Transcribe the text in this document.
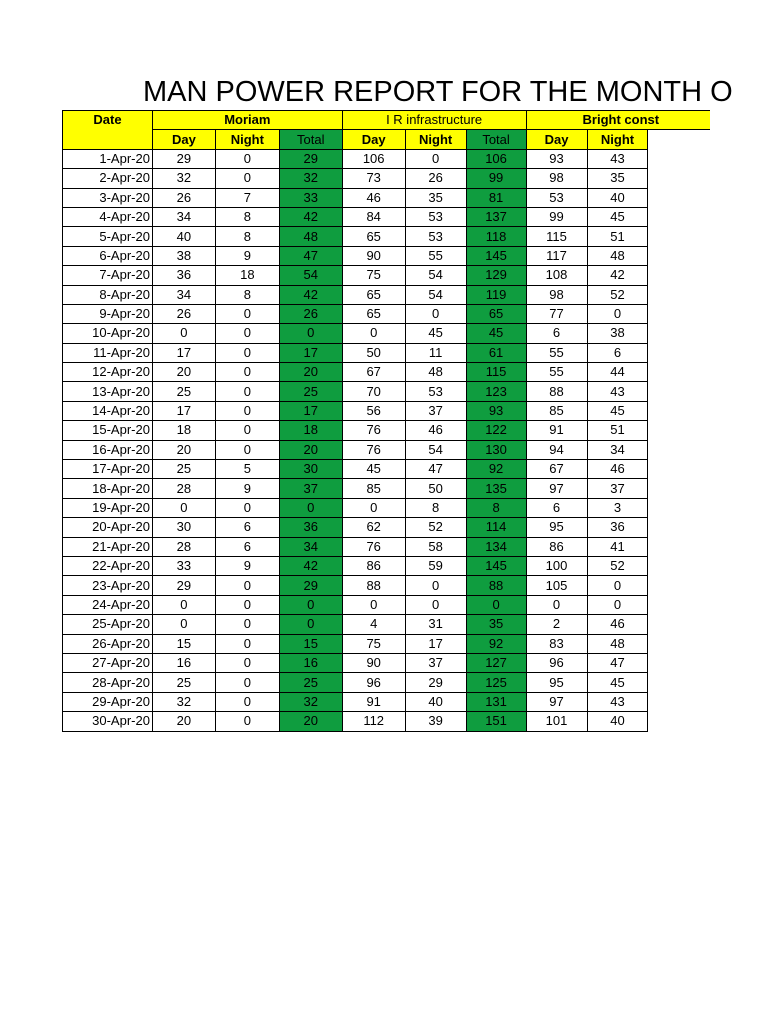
MAN POWER REPORT FOR THE MONTH O
Date	Moriam			I R infrastructure			Bright const		
	Day	Night	Total	Day	Night	Total	Day	Night	
1-Apr-20	29	0	29	106	0	106	93	43	
2-Apr-20	32	0	32	73	26	99	98	35	
3-Apr-20	26	7	33	46	35	81	53	40	
4-Apr-20	34	8	42	84	53	137	99	45	
5-Apr-20	40	8	48	65	53	118	115	51	
6-Apr-20	38	9	47	90	55	145	117	48	
7-Apr-20	36	18	54	75	54	129	108	42	
8-Apr-20	34	8	42	65	54	119	98	52	
9-Apr-20	26	0	26	65	0	65	77	0	
10-Apr-20	0	0	0	0	45	45	6	38	
11-Apr-20	17	0	17	50	11	61	55	6	
12-Apr-20	20	0	20	67	48	115	55	44	
13-Apr-20	25	0	25	70	53	123	88	43	
14-Apr-20	17	0	17	56	37	93	85	45	
15-Apr-20	18	0	18	76	46	122	91	51	
16-Apr-20	20	0	20	76	54	130	94	34	
17-Apr-20	25	5	30	45	47	92	67	46	
18-Apr-20	28	9	37	85	50	135	97	37	
19-Apr-20	0	0	0	0	8	8	6	3	
20-Apr-20	30	6	36	62	52	114	95	36	
21-Apr-20	28	6	34	76	58	134	86	41	
22-Apr-20	33	9	42	86	59	145	100	52	
23-Apr-20	29	0	29	88	0	88	105	0	
24-Apr-20	0	0	0	0	0	0	0	0	
25-Apr-20	0	0	0	4	31	35	2	46	
26-Apr-20	15	0	15	75	17	92	83	48	
27-Apr-20	16	0	16	90	37	127	96	47	
28-Apr-20	25	0	25	96	29	125	95	45	
29-Apr-20	32	0	32	91	40	131	97	43	
30-Apr-20	20	0	20	112	39	151	101	40	
